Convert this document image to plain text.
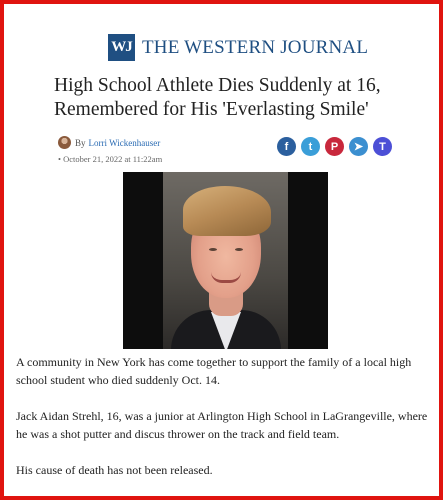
WJ THE WESTERN JOURNAL
High School Athlete Dies Suddenly at 16, Remembered for His 'Everlasting Smile'
By Lorri Wickenhauser
• October 21, 2022 at 11:22am
f	t	P	➤	T

A community in New York has come together to support the family of a local high school student who died suddenly Oct. 14.

Jack Aidan Strehl, 16, was a junior at Arlington High School in LaGrangeville, where he was a shot putter and discus thrower on the track and field team.

His cause of death has not been released.
